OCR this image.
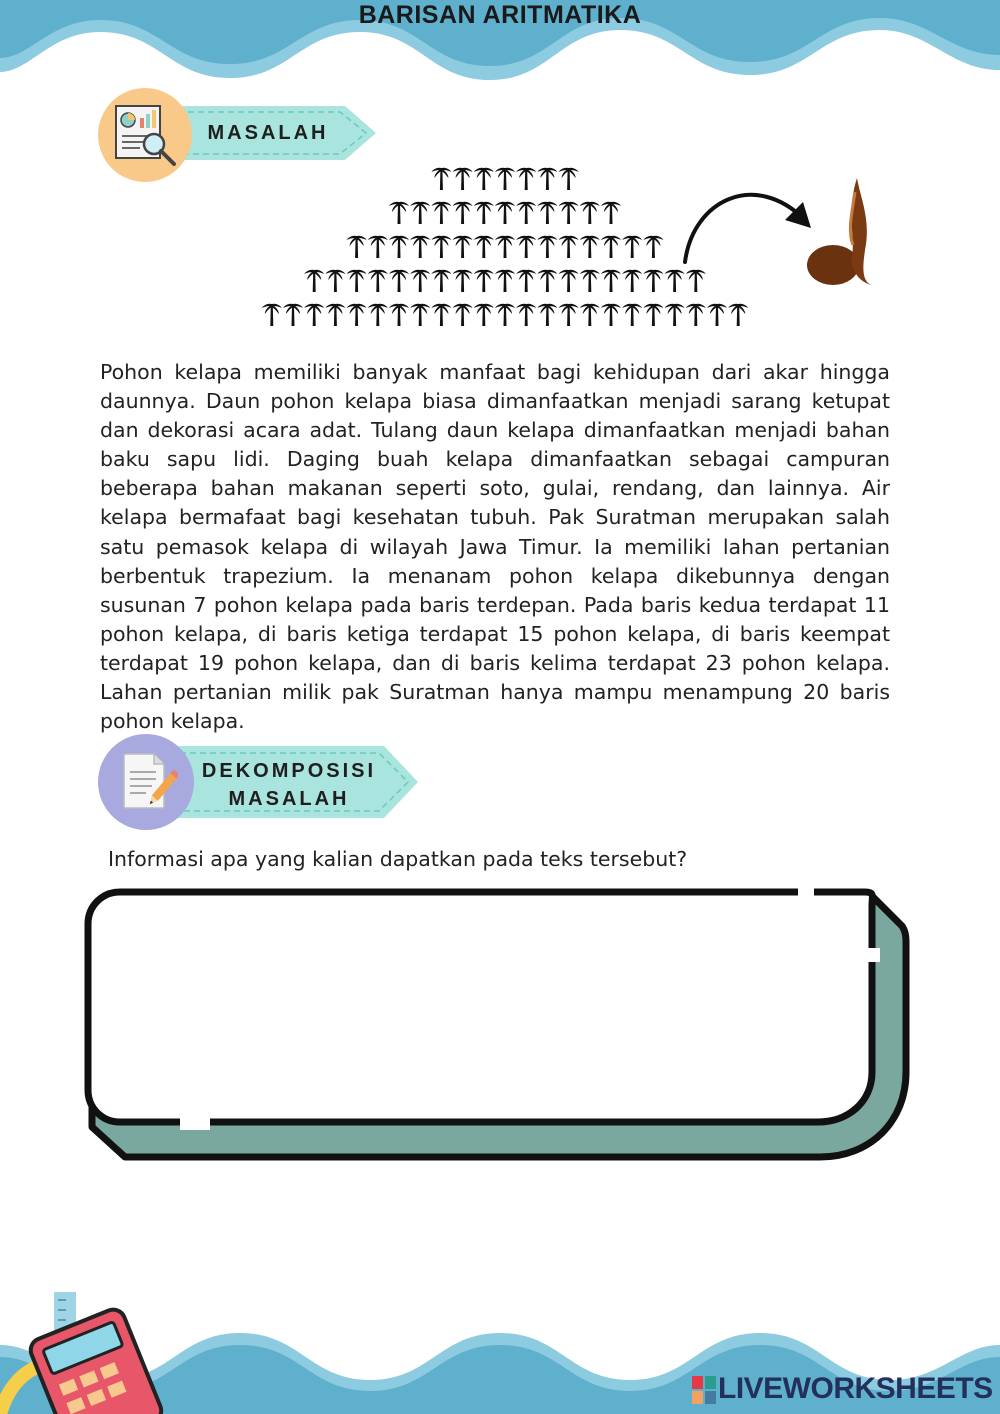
BARISAN ARITMATIKA
MASALAH
Pohon kelapa memiliki banyak manfaat bagi kehidupan dari akar hingga daunnya. Daun pohon kelapa biasa dimanfaatkan menjadi sarang ketupat dan dekorasi acara adat. Tulang daun kelapa dimanfaatkan menjadi bahan baku sapu lidi. Daging buah kelapa dimanfaatkan sebagai campuran beberapa bahan makanan seperti soto, gulai, rendang, dan lainnya. Air kelapa bermafaat bagi kesehatan tubuh. Pak Suratman merupakan salah satu pemasok kelapa di wilayah Jawa Timur. Ia memiliki lahan pertanian berbentuk trapezium. Ia menanam pohon kelapa dikebunnya dengan susunan 7 pohon kelapa pada baris terdepan. Pada baris kedua terdapat 11 pohon kelapa, di baris ketiga terdapat 15 pohon kelapa, di baris keempat terdapat 19 pohon kelapa, dan di baris kelima terdapat 23 pohon kelapa. Lahan pertanian milik pak Suratman hanya mampu menampung 20 baris pohon kelapa.
DEKOMPOSISI
MASALAH
Informasi apa yang kalian dapatkan pada teks tersebut?
LIVEWORKSHEETS
